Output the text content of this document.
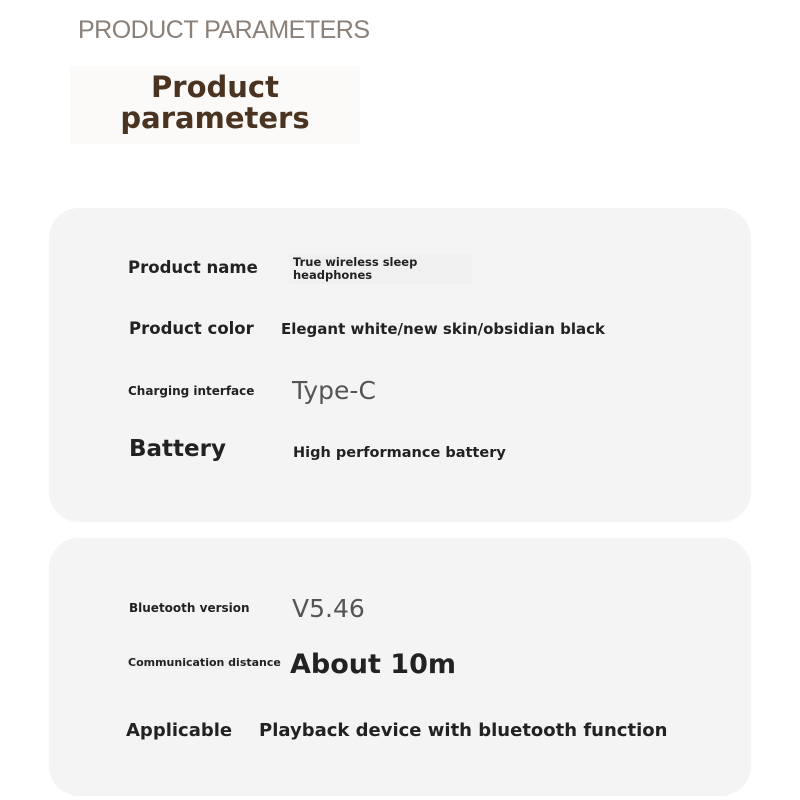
PRODUCT PARAMETERS
Product
parameters
Product name	True wireless sleep headphones
Product color Elegant white/new skin/obsidian black
Charging interface Type-C
Battery	High performance battery
Bluetooth version V5.46
Communication distance About 10m
Applicable Playback device with bluetooth function
